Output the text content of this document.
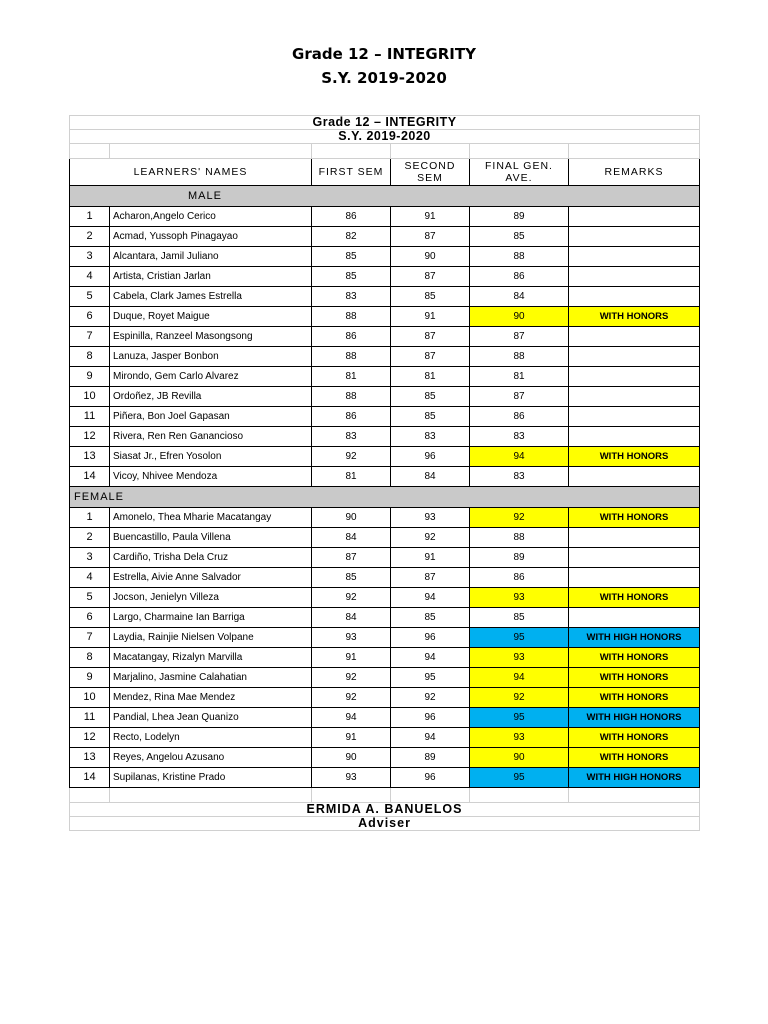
Grade 12 – INTEGRITY
S.Y. 2019-2020
Grade 12 – INTEGRITY					
S.Y. 2019-2020					

LEARNERS' NAMES		FIRST SEM	SECOND SEM	FINAL GEN. AVE.	REMARKS
MALE					
1	Acharon,Angelo Cerico	86	91	89	
2	Acmad, Yussoph Pinagayao	82	87	85	
3	Alcantara, Jamil Juliano	85	90	88	
4	Artista, Cristian Jarlan	85	87	86	
5	Cabela, Clark James Estrella	83	85	84	
6	Duque, Royet Maigue	88	91	90	WITH HONORS
7	Espinilla, Ranzeel Masongsong	86	87	87	
8	Lanuza, Jasper Bonbon	88	87	88	
9	Mirondo, Gem Carlo Alvarez	81	81	81	
10	Ordoñez, JB Revilla	88	85	87	
11	Piñera, Bon Joel Gapasan	86	85	86	
12	Rivera, Ren Ren Ganancioso	83	83	83	
13	Siasat Jr., Efren Yosolon	92	96	94	WITH HONORS
14	Vicoy, Nhivee Mendoza	81	84	83	
FEMALE					
1	Amonelo, Thea Mharie Macatangay	90	93	92	WITH HONORS
2	Buencastillo, Paula Villena	84	92	88	
3	Cardiño, Trisha Dela Cruz	87	91	89	
4	Estrella, Aivie Anne Salvador	85	87	86	
5	Jocson, Jenielyn Villeza	92	94	93	WITH HONORS
6	Largo, Charmaine Ian Barriga	84	85	85	
7	Laydia, Rainjie Nielsen Volpane	93	96	95	WITH HIGH HONORS
8	Macatangay, Rizalyn Marvilla	91	94	93	WITH HONORS
9	Marjalino, Jasmine Calahatian	92	95	94	WITH HONORS
10	Mendez, Rina Mae Mendez	92	92	92	WITH HONORS
11	Pandial, Lhea Jean Quanizo	94	96	95	WITH HIGH HONORS
12	Recto, Lodelyn	91	94	93	WITH HONORS
13	Reyes, Angelou Azusano	90	89	90	WITH HONORS
14	Supilanas, Kristine Prado	93	96	95	WITH HIGH HONORS

ERMIDA A. BANUELOS					
Adviser					
